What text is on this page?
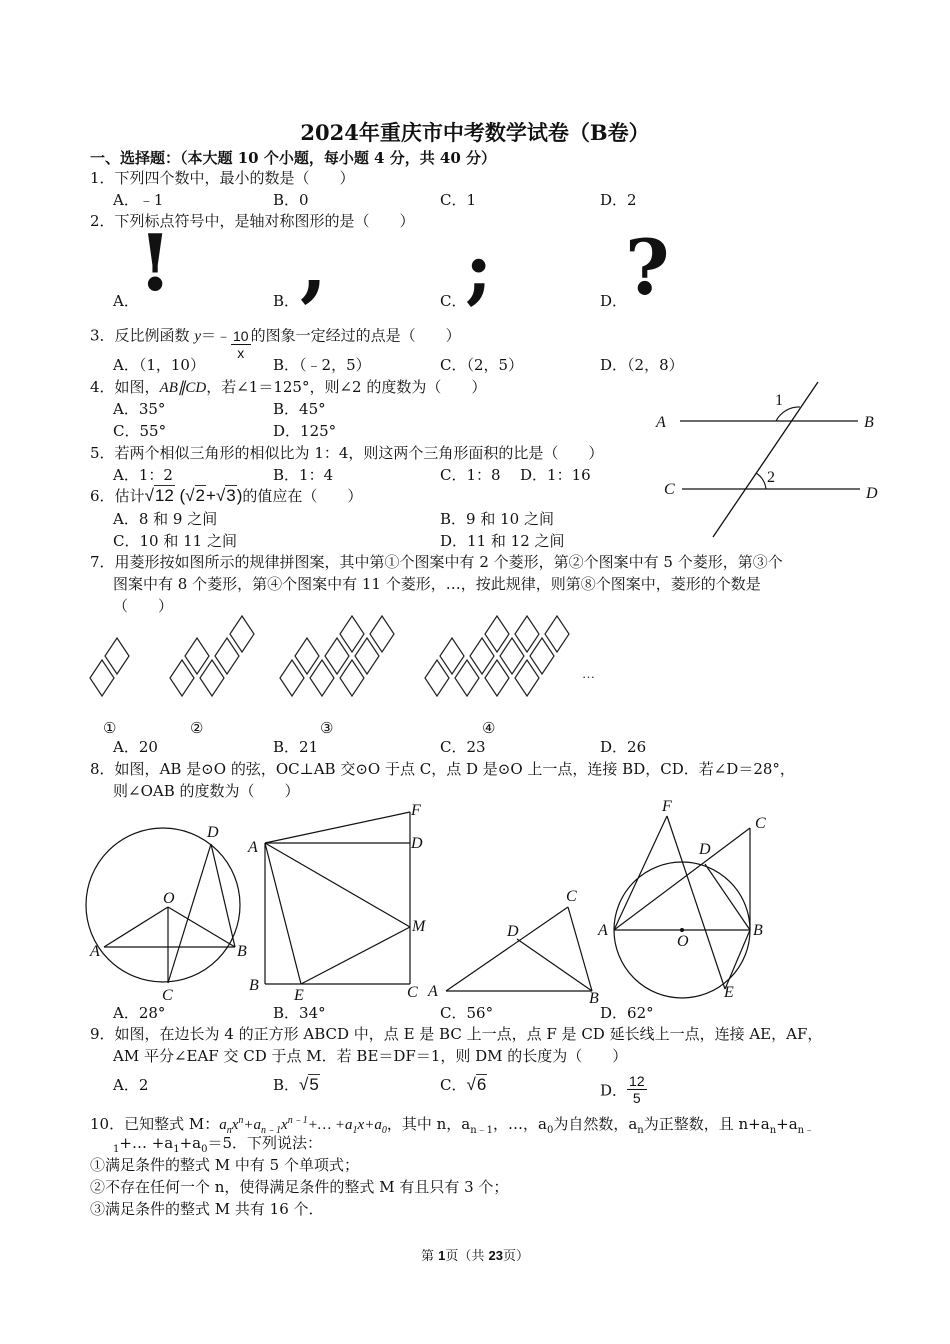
2024年重庆市中考数学试卷（B卷）
一、选择题：（本大题 10 个小题，每小题 4 分，共 40 分）
1．下列四个数中，最小的数是（　　）
A．﹣1	B．0	C．1	D．2
2．下列标点符号中，是轴对称图形的是（　　）
A． !	B． ,	C．
;	D．
?
3．反比例函数 y＝﹣ $\frac{10}{x}$ 的图象一定经过的点是（　　）
A．（1，10）	B．（﹣2，5）	C．（2，5）	D．（2，8）
4．如图，AB∥CD，若∠1＝125°，则∠2 的度数为（　　）
A．35°	B．45°
C．55°	D．125°	A	B
C	D
1
2
5．若两个相似三角形的相似比为 1：4，则这两个三角形面积的比是（　　）
A．1：2	B．1：4	C．1：8 D．1：16
6．估计√12 (√2+√3)的值应在（　　）
A．8 和 9 之间	B．9 和 10 之间
C．10 和 11 之间	D．11 和 12 之间
7．用菱形按如图所示的规律拼图案，其中第①个图案中有 2 个菱形，第②个图案中有 5 个菱形，第③个
图案中有 8 个菱形，第④个图案中有 11 个菱形，…，按此规律，则第⑧个图案中，菱形的个数是
（　　）
…
①	②	③	④
A．20	B．21	C．23	D．26
8．如图，AB 是⊙O 的弦，OC⊥AB 交⊙O 于点 C，点 D 是⊙O 上一点，连接 BD，CD．若∠D＝28°，
则∠OAB 的度数为（　　）
O
D
A	B
C
F
A	D
M
B
E	C
C
D
A	B
F
C
D
A
O
B
E
A．28°	B．34°	C．56°	D．62°
9．如图，在边长为 4 的正方形 ABCD 中，点 E 是 BC 上一点，点 F 是 CD 延长线上一点，连接 AE，AF，
AM 平分∠EAF 交 CD 于点 M．若 BE＝DF＝1，则 DM 的长度为（　　）
A．2	B．√5	C．√6	D． $\frac{12}{5}$
10．已知整式 M：$a_nx^n+a_{n﹣1}x^{n﹣1}+\dots +a_1x+a_0$，其中 n，$a_{n﹣1}$，…，$a_0$为自然数，$a_n$为正整数，且 $n+a_n+a_{n﹣}$
$_1$+… $+a_1+a_0=5$．下列说法：
①满足条件的整式 M 中有 5 个单项式；
②不存在任何一个 n，使得满足条件的整式 M 有且只有 3 个；
③满足条件的整式 M 共有 16 个．
第 1页（共 23页）
